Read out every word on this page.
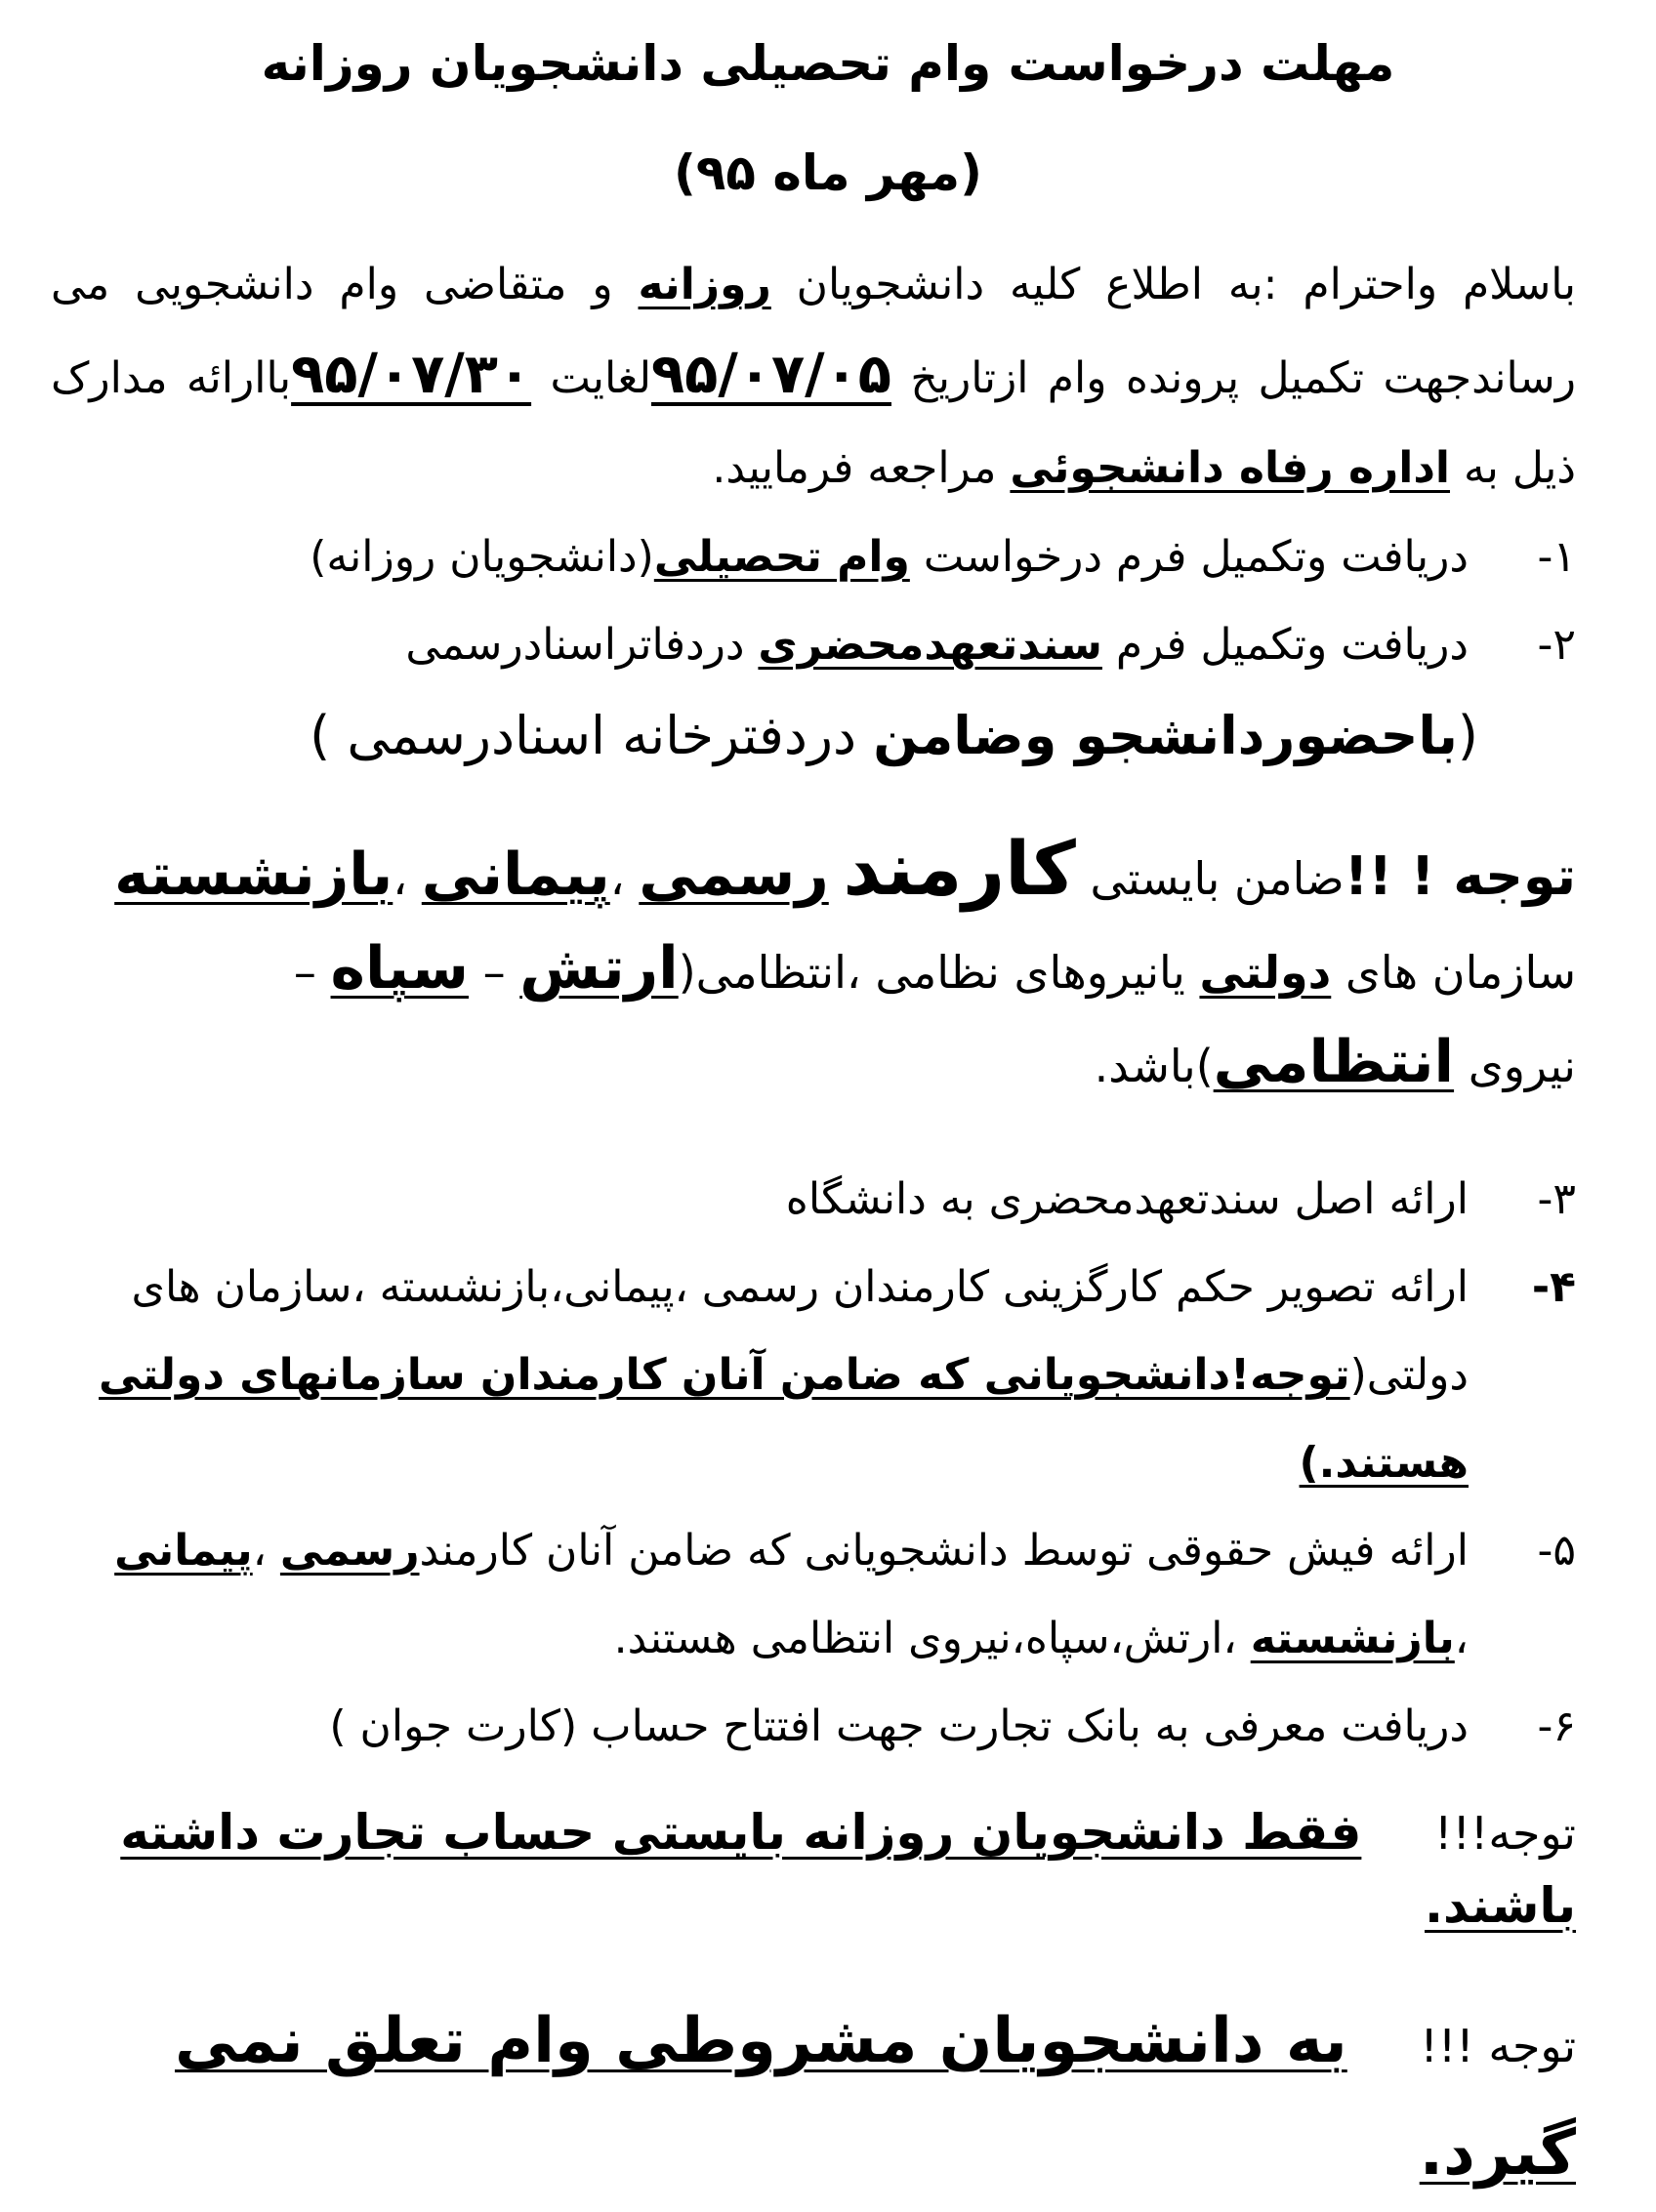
مهلت درخواست وام تحصیلی دانشجویان روزانه
(مهر ماه ۹۵)

باسلام واحترام :به اطلاع کلیه دانشجویان روزانه و متقاضی وام دانشجویی می رساندجهت تکمیل پرونده وام ازتاریخ ۹۵/۰۷/۰۵لغایت ۹۵/۰۷/۳۰باارائه مدارک ذیل به اداره رفاه دانشجوئی مراجعه فرمایید.

۱-
دریافت وتکمیل فرم درخواست وام تحصیلی(دانشجویان روزانه)
۲-
دریافت وتکمیل فرم سندتعهدمحضری دردفاتراسنادرسمی

(باحضوردانشجو وضامن دردفترخانه اسنادرسمی )

توجه ! !!ضامن بایستی کارمند رسمی ،پیمانی ،بازنشسته
سازمان های دولتی یانیروهای نظامی ،انتظامی(ارتش – سپاه –
نیروی انتظامی)باشد.

۳-
ارائه اصل سندتعهدمحضری به دانشگاه
۴-
ارائه تصویر حکم کارگزینی کارمندان رسمی ،پیمانی،بازنشسته ،سازمان های دولتی(توجه!دانشجویانی که ضامن آنان کارمندان سازمانهای دولتی هستند.)
۵-
ارائه فیش حقوقی توسط دانشجویانی که ضامن آنان کارمندرسمی ،پیمانی ،بازنشسته ،ارتش،سپاه،نیروی انتظامی هستند.
۶-
دریافت معرفی به بانک تجارت جهت افتتاح حساب (کارت جوان )

توجه!!! فقط دانشجویان روزانه بایستی حساب تجارت داشته باشند.

توجه !!! به دانشجویان مشروطی وام تعلق نمی گیرد.
